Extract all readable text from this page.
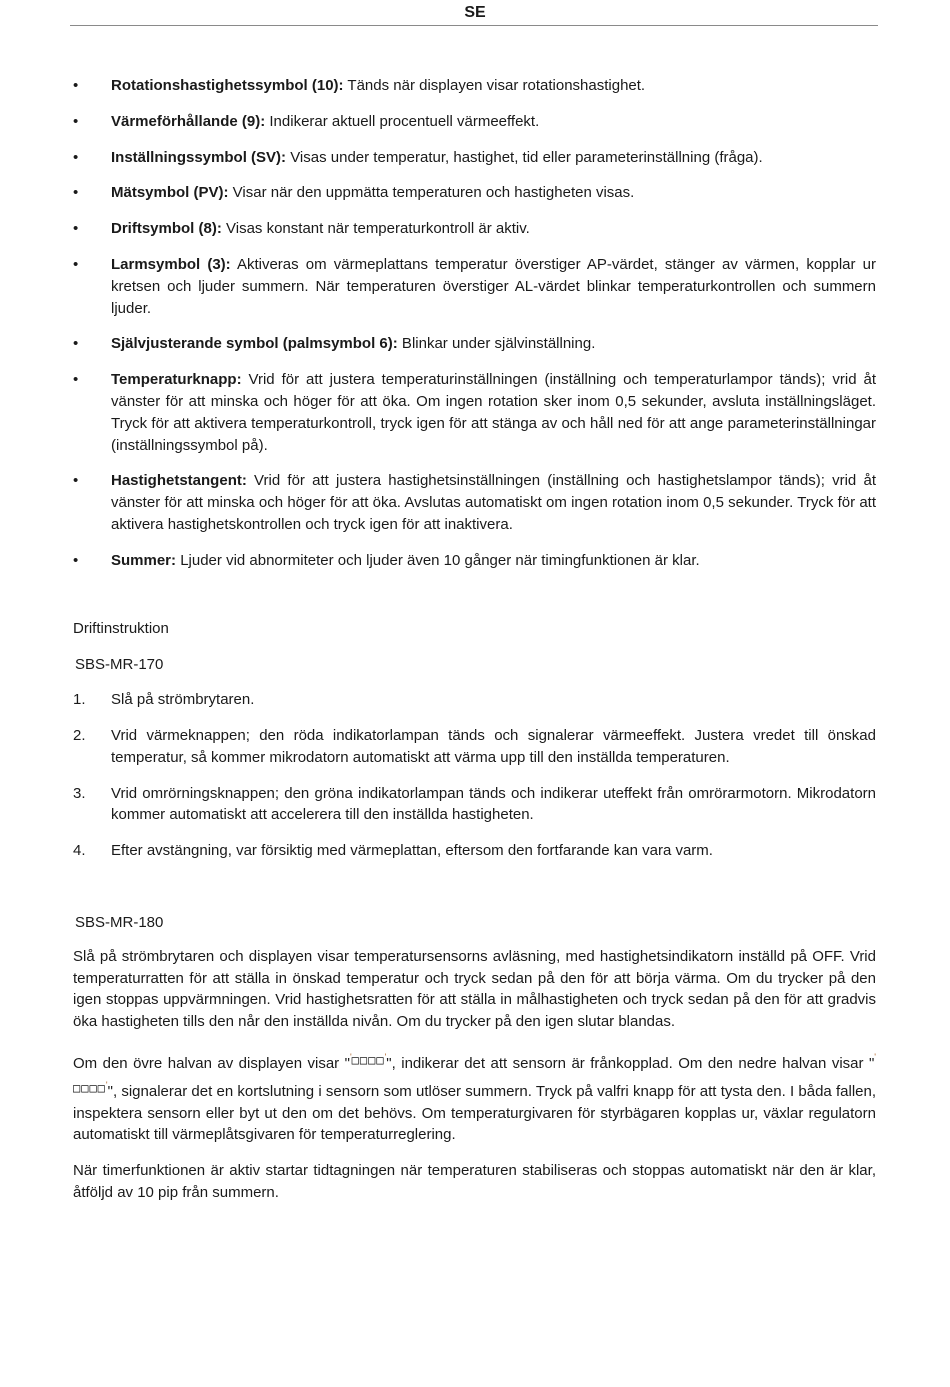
SE
•	Rotationshastighetssymbol (10): Tänds när displayen visar rotationshastighet.
•	Värmeförhållande (9): Indikerar aktuell procentuell värmeeffekt.
•	Inställningssymbol (SV): Visas under temperatur, hastighet, tid eller parameterinställning (fråga).
•	Mätsymbol (PV): Visar när den uppmätta temperaturen och hastigheten visas.
•	Driftsymbol (8): Visas konstant när temperaturkontroll är aktiv.
•	Larmsymbol (3): Aktiveras om värmeplattans temperatur överstiger AP-värdet, stänger av värmen, kopplar ur kretsen och ljuder summern. När temperaturen överstiger AL-värdet blinkar temperaturkontrollen och summern ljuder.
•	Självjusterande symbol (palmsymbol 6): Blinkar under självinställning.
•	Temperaturknapp: Vrid för att justera temperaturinställningen (inställning och temperaturlampor tänds); vrid åt vänster för att minska och höger för att öka. Om ingen rotation sker inom 0,5 sekunder, avsluta inställningsläget. Tryck för att aktivera temperaturkontroll, tryck igen för att stänga av och håll ned för att ange parameterinställningar (inställningssymbol på).
•	Hastighetstangent: Vrid för att justera hastighetsinställningen (inställning och hastighetslampor tänds); vrid åt vänster för att minska och höger för att öka. Avslutas automatiskt om ingen rotation inom 0,5 sekunder. Tryck för att aktivera hastighetskontrollen och tryck igen för att inaktivera.
•	Summer: Ljuder vid abnormiteter och ljuder även 10 gånger när timingfunktionen är klar.
Driftinstruktion
SBS-MR-170
1. Slå på strömbrytaren.
2. Vrid värmeknappen; den röda indikatorlampan tänds och signalerar värmeeffekt. Justera vredet till önskad temperatur, så kommer mikrodatorn automatiskt att värma upp till den inställda temperaturen.
3. Vrid omrörningsknappen; den gröna indikatorlampan tänds och indikerar uteffekt från omrörarmotorn. Mikrodatorn kommer automatiskt att accelerera till den inställda hastigheten.
4. Efter avstängning, var försiktig med värmeplattan, eftersom den fortfarande kan vara varm.
SBS-MR-180

Slå på strömbrytaren och displayen visar temperatursensorns avläsning, med hastighetsindikatorn inställd på OFF. Vrid temperaturratten för att ställa in önskad temperatur och tryck sedan på den för att börja värma. Om du trycker på den igen stoppas uppvärmningen. Vrid hastighetsratten för att ställa in målhastigheten och tryck sedan på den för att gradvis öka hastigheten tills den når den inställda nivån. Om du trycker på den igen slutar blandas.

Om den övre halvan av displayen visar "'□□□□'", indikerar det att sensorn är frånkopplad. Om den nedre halvan visar "'□□□□'", signalerar det en kortslutning i sensorn som utlöser summern. Tryck på valfri knapp för att tysta den. I båda fallen, inspektera sensorn eller byt ut den om det behövs. Om temperaturgivaren för styrbägaren kopplas ur, växlar regulatorn automatiskt till värmeplåtsgivaren för temperaturreglering.

När timerfunktionen är aktiv startar tidtagningen när temperaturen stabiliseras och stoppas automatiskt när den är klar, åtföljd av 10 pip från summern.
